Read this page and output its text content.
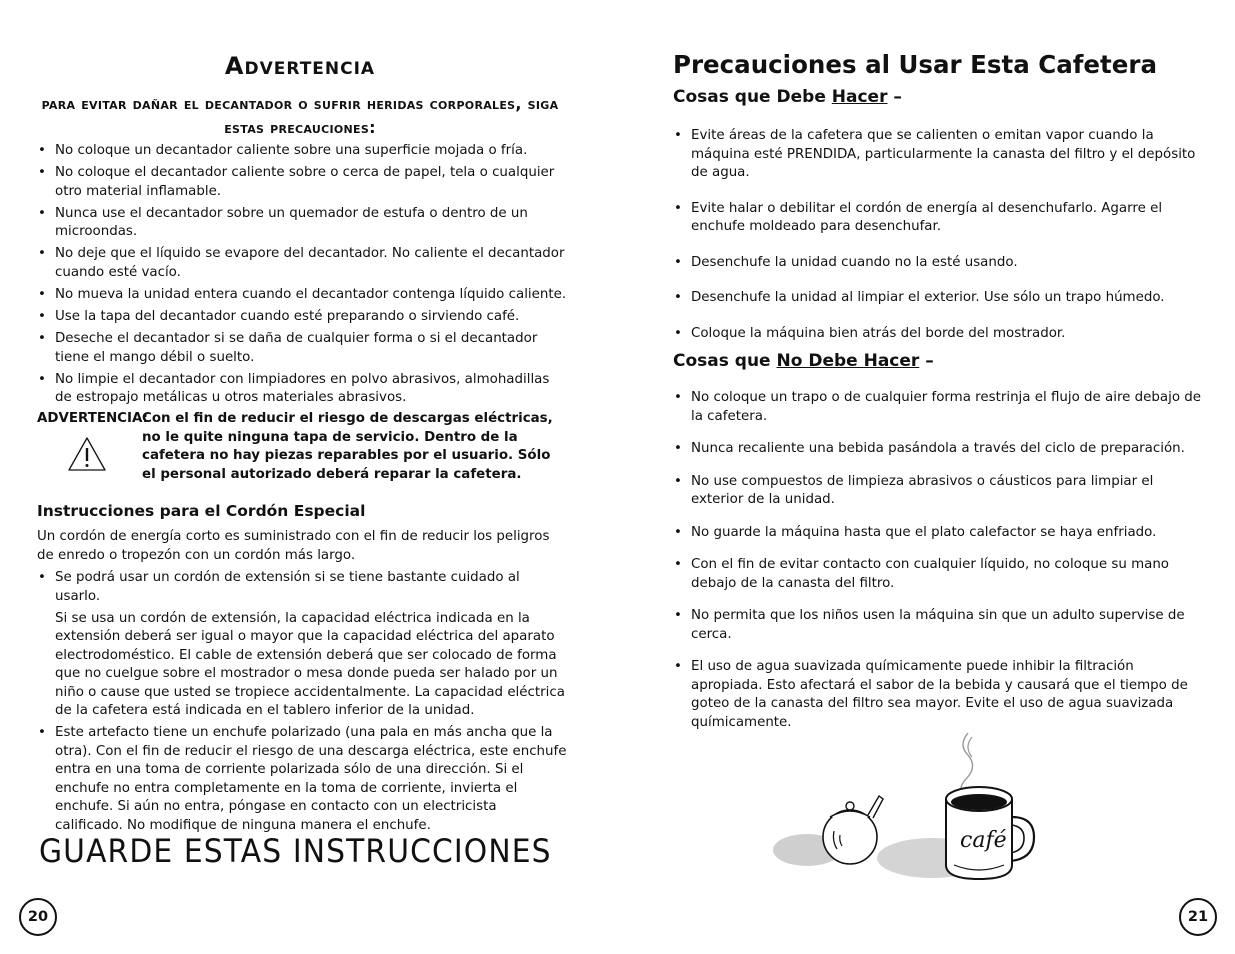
Advertencia
para evitar dañar el decantador o sufrir heridas corporales, siga estas precauciones:
• No coloque un decantador caliente sobre una superficie mojada o fría.
• No coloque el decantador caliente sobre o cerca de papel, tela o cualquier otro material inflamable.
• Nunca use el decantador sobre un quemador de estufa o dentro de un microondas.
• No deje que el líquido se evapore del decantador. No caliente el decantador cuando esté vacío.
• No mueva la unidad entera cuando el decantador contenga líquido caliente.
• Use la tapa del decantador cuando esté preparando o sirviendo café.
• Deseche el decantador si se daña de cualquier forma o si el decantador tiene el mango débil o suelto.
• No limpie el decantador con limpiadores en polvo abrasivos, almohadillas de estropajo metálicas u otros materiales abrasivos.
ADVERTENCIA:
Con el fin de reducir el riesgo de descargas eléctricas, no le quite ninguna tapa de servicio. Dentro de la cafetera no hay piezas reparables por el usuario. Sólo el personal autorizado deberá reparar la cafetera.
Instrucciones para el Cordón Especial
Un cordón de energía corto es suministrado con el fin de reducir los peligros de enredo o tropezón con un cordón más largo.
• Se podrá usar un cordón de extensión si se tiene bastante cuidado al usarlo.
Si se usa un cordón de extensión, la capacidad eléctrica indicada en la extensión deberá ser igual o mayor que la capacidad eléctrica del aparato electrodoméstico. El cable de extensión deberá que ser colocado de forma que no cuelgue sobre el mostrador o mesa donde pueda ser halado por un niño o cause que usted se tropiece accidentalmente. La capacidad eléctrica de la cafetera está indicada en el tablero inferior de la unidad.
• Este artefacto tiene un enchufe polarizado (una pala en más ancha que la otra). Con el fin de reducir el riesgo de una descarga eléctrica, este enchufe entra en una toma de corriente polarizada sólo de una dirección. Si el enchufe no entra completamente en la toma de corriente, invierta el enchufe. Si aún no entra, póngase en contacto con un electricista calificado. No modifique de ninguna manera el enchufe.
GUARDE ESTAS INSTRUCCIONES
20
Precauciones al Usar Esta Cafetera
Cosas que Debe Hacer –
• Evite áreas de la cafetera que se calienten o emitan vapor cuando la máquina esté PRENDIDA, particularmente la canasta del filtro y el depósito de agua.
• Evite halar o debilitar el cordón de energía al desenchufarlo. Agarre el enchufe moldeado para desenchufar.
• Desenchufe la unidad cuando no la esté usando.
• Desenchufe la unidad al limpiar el exterior. Use sólo un trapo húmedo.
• Coloque la máquina bien atrás del borde del mostrador.
Cosas que No Debe Hacer –
• No coloque un trapo o de cualquier forma restrinja el flujo de aire debajo de la cafetera.
• Nunca recaliente una bebida pasándola a través del ciclo de preparación.
• No use compuestos de limpieza abrasivos o cáusticos para limpiar el exterior de la unidad.
• No guarde la máquina hasta que el plato calefactor se haya enfriado.
• Con el fin de evitar contacto con cualquier líquido, no coloque su mano debajo de la canasta del filtro.
• No permita que los niños usen la máquina sin que un adulto supervise de cerca.
• El uso de agua suavizada químicamente puede inhibir la filtración apropiada. Esto afectará el sabor de la bebida y causará que el tiempo de goteo de la canasta del filtro sea mayor. Evite el uso de agua suavizada químicamente.
café
21
